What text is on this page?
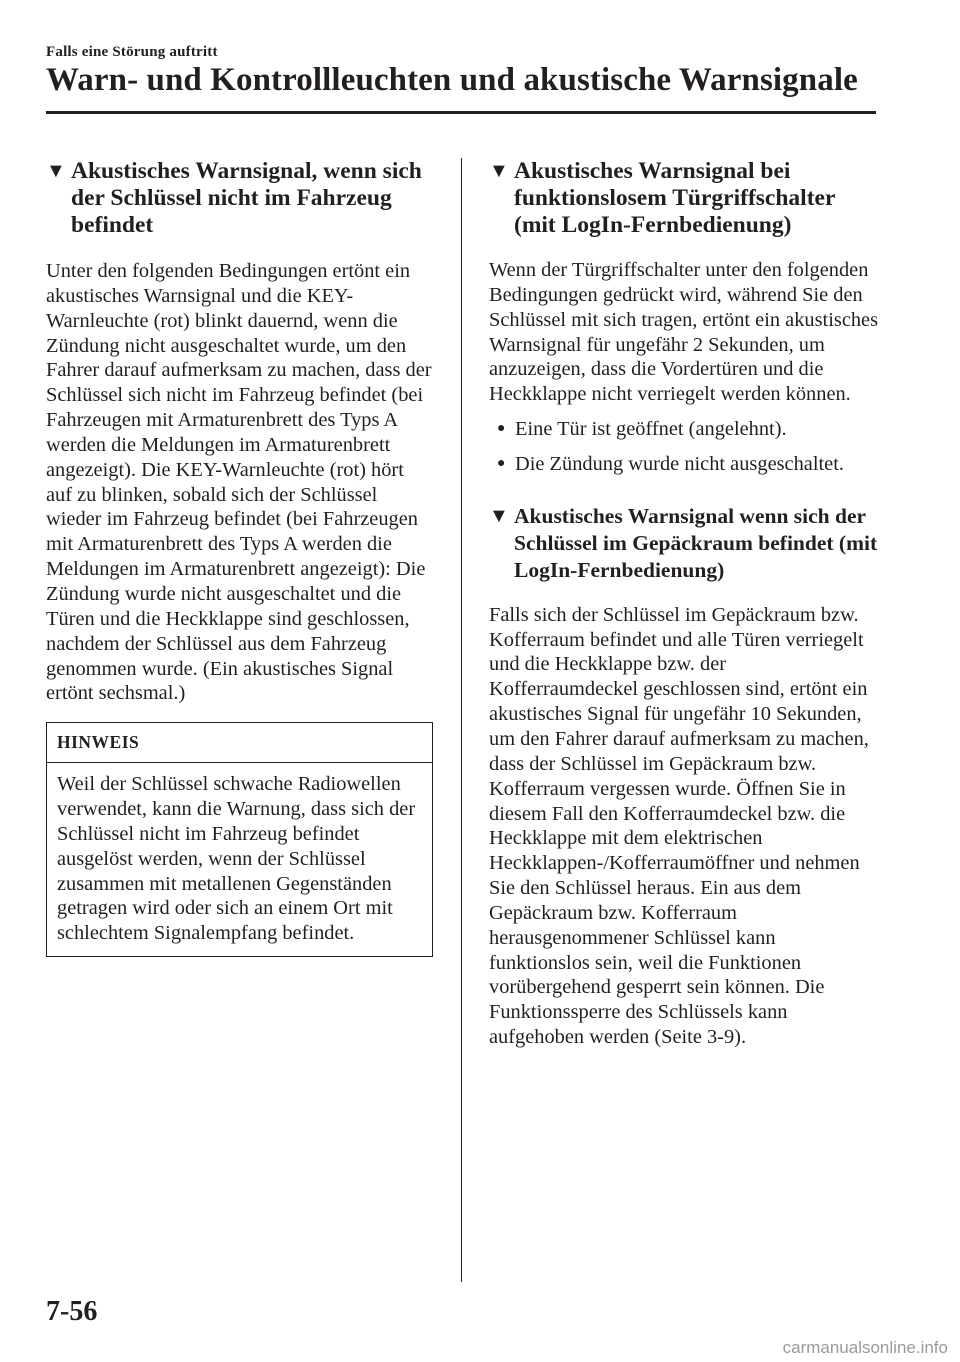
Falls eine Störung auftritt
Warn- und Kontrollleuchten und akustische Warnsignale
▼ Akustisches Warnsignal, wenn sich der Schlüssel nicht im Fahrzeug befindet

Unter den folgenden Bedingungen ertönt ein akustisches Warnsignal und die KEY-Warnleuchte (rot) blinkt dauernd, wenn die Zündung nicht ausgeschaltet wurde, um den Fahrer darauf aufmerksam zu machen, dass der Schlüssel sich nicht im Fahrzeug befindet (bei Fahrzeugen mit Armaturenbrett des Typs A werden die Meldungen im Armaturenbrett angezeigt). Die KEY-Warnleuchte (rot) hört auf zu blinken, sobald sich der Schlüssel wieder im Fahrzeug befindet (bei Fahrzeugen mit Armaturenbrett des Typs A werden die Meldungen im Armaturenbrett angezeigt): Die Zündung wurde nicht ausgeschaltet und die Türen und die Heckklappe sind geschlossen, nachdem der Schlüssel aus dem Fahrzeug genommen wurde. (Ein akustisches Signal ertönt sechsmal.)

HINWEIS

Weil der Schlüssel schwache Radiowellen verwendet, kann die Warnung, dass sich der Schlüssel nicht im Fahrzeug befindet ausgelöst werden, wenn der Schlüssel zusammen mit metallenen Gegenständen getragen wird oder sich an einem Ort mit schlechtem Signalempfang befindet.

▼ Akustisches Warnsignal bei funktionslosem Türgriffschalter (mit LogIn-Fernbedienung)

Wenn der Türgriffschalter unter den folgenden Bedingungen gedrückt wird, während Sie den Schlüssel mit sich tragen, ertönt ein akustisches Warnsignal für ungefähr 2 Sekunden, um anzuzeigen, dass die Vordertüren und die Heckklappe nicht verriegelt werden können.

● Eine Tür ist geöffnet (angelehnt).
● Die Zündung wurde nicht ausgeschaltet.
▼ Akustisches Warnsignal wenn sich der Schlüssel im Gepäckraum befindet (mit LogIn-Fernbedienung)

Falls sich der Schlüssel im Gepäckraum bzw. Kofferraum befindet und alle Türen verriegelt und die Heckklappe bzw. der Kofferraumdeckel geschlossen sind, ertönt ein akustisches Signal für ungefähr 10 Sekunden, um den Fahrer darauf aufmerksam zu machen, dass der Schlüssel im Gepäckraum bzw. Kofferraum vergessen wurde. Öffnen Sie in diesem Fall den Kofferraumdeckel bzw. die Heckklappe mit dem elektrischen Heckklappen-/Kofferraumöffner und nehmen Sie den Schlüssel heraus. Ein aus dem Gepäckraum bzw. Kofferraum herausgenommener Schlüssel kann funktionslos sein, weil die Funktionen vorübergehend gesperrt sein können. Die Funktionssperre des Schlüssels kann aufgehoben werden (Seite 3-9).

7-56
carmanualsonline.info
